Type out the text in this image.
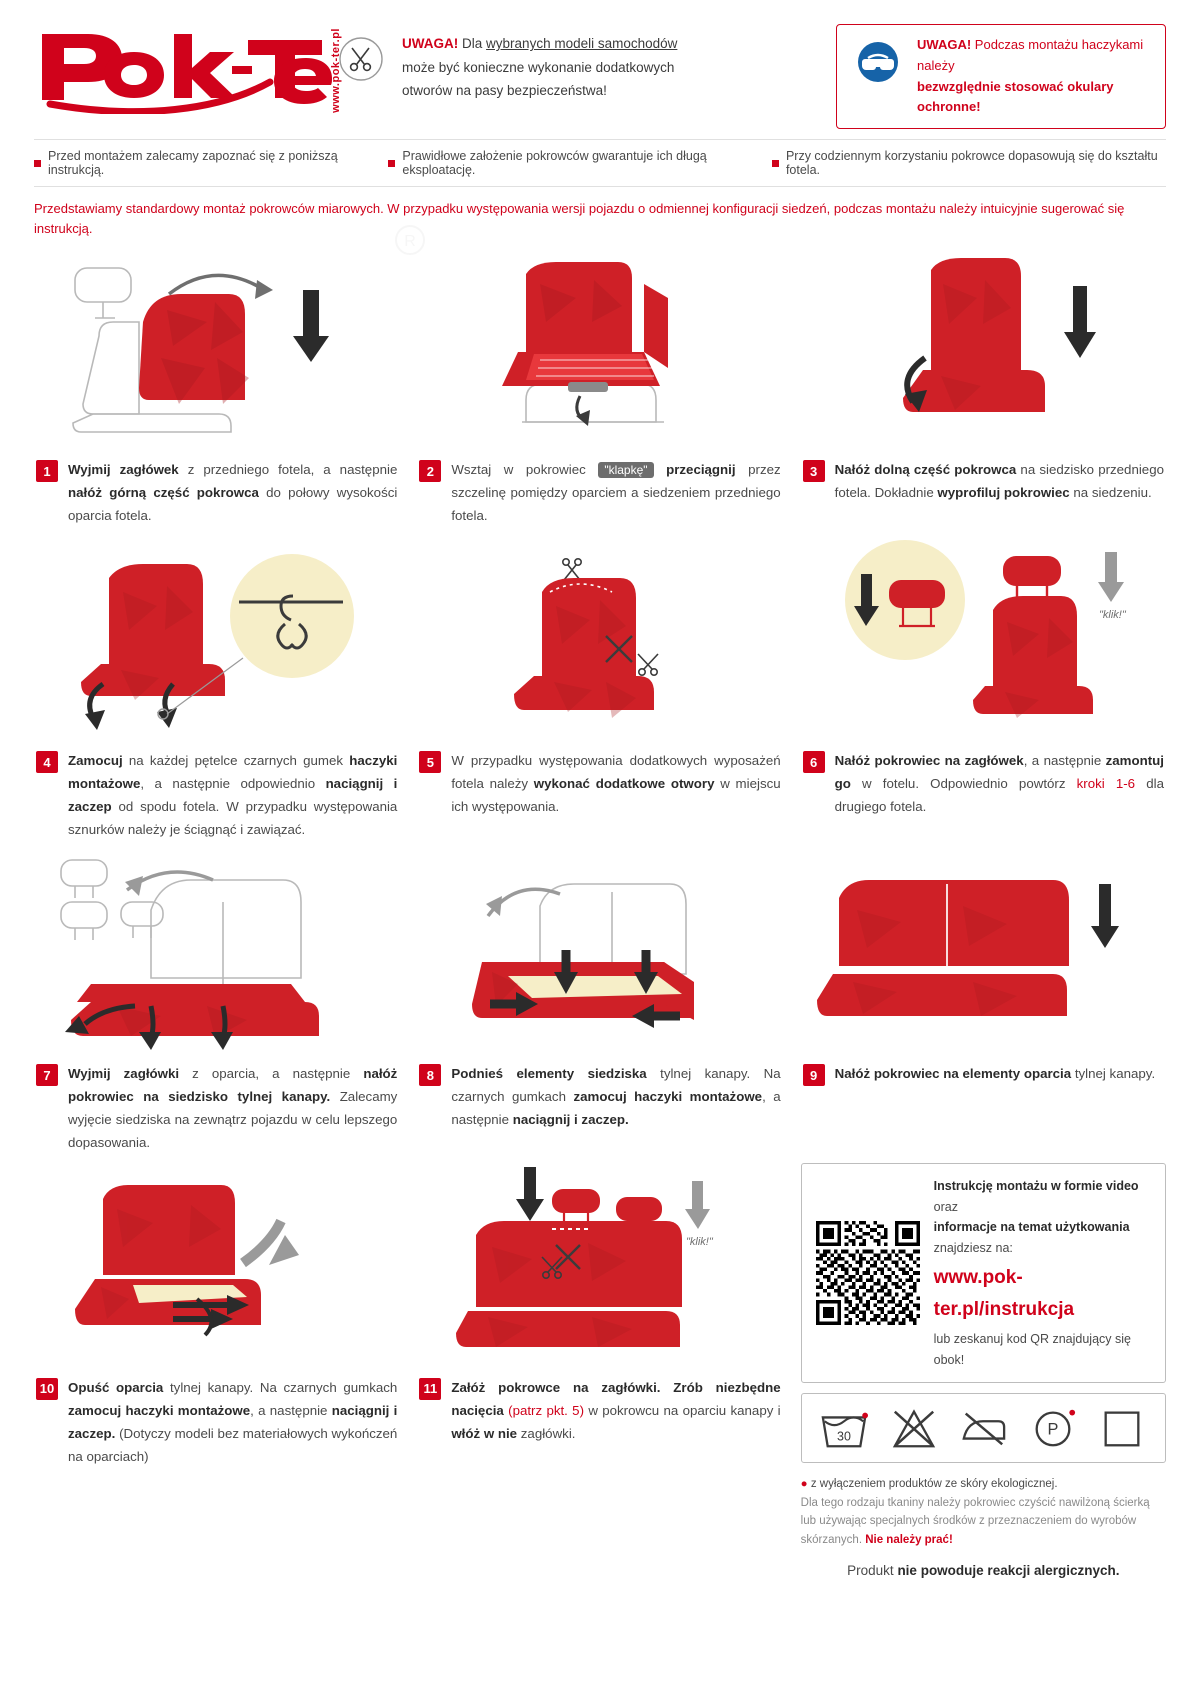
www.pok-ter.pl	UWAGA! Dla wybranych modeli samochodów
może być konieczne wykonanie dodatkowych
otworów na pasy bezpieczeństwa!
UWAGA! Podczas montażu haczykami należy
bezwzględnie stosować okulary ochronne!
Przed montażem zalecamy zapoznać się z poniższą instrukcją.
Prawidłowe założenie pokrowców gwarantuje ich długą eksploatację.
Przy codziennym korzystaniu pokrowce dopasowują się do kształtu fotela.
Przedstawiamy standardowy montaż pokrowców miarowych. W przypadku występowania wersji pojazdu o odmiennej konfiguracji siedzeń, podczas montażu należy intuicyjnie sugerować się instrukcją.
1	Wyjmij zagłówek z przedniego fotela, a następnie nałóż górną część pokrowca do połowy wysokości oparcia fotela.
2	Wsztaj w pokrowiec "klapkę" przeciągnij przez szczelinę pomiędzy oparciem a siedzeniem przedniego fotela.
3	Nałóż dolną część pokrowca na siedzisko przedniego fotela. Dokładnie wyprofiluj pokrowiec na siedzeniu.
4	Zamocuj na każdej pętelce czarnych gumek haczyki montażowe, a następnie odpowiednio naciągnij i zaczep od spodu fotela. W przypadku występowania sznurków należy je ściągnąć i zawiązać.
5	W przypadku występowania dodatkowych wyposażeń fotela należy wykonać dodatkowe otwory w miejscu ich występowania.
"klik!"
6	Nałóż pokrowiec na zagłówek, a następnie zamontuj go w fotelu. Odpowiednio powtórz kroki 1-6 dla drugiego fotela.
7	Wyjmij zagłówki z oparcia, a następnie nałóż pokrowiec na siedzisko tylnej kanapy. Zalecamy wyjęcie siedziska na zewnątrz pojazdu w celu lepszego dopasowania.
8	Podnieś elementy siedziska tylnej kanapy. Na czarnych gumkach zamocuj haczyki montażowe, a następnie naciągnij i zaczep.
9	Nałóż pokrowiec na elementy oparcia tylnej kanapy.
10 Opuść oparcia tylnej kanapy. Na czarnych gumkach zamocuj haczyki montażowe, a następnie naciągnij i zaczep. (Dotyczy modeli bez materiałowych wykończeń na oparciach)
"klik!"
11	Załóż pokrowce na zagłówki. Zrób niezbędne nacięcia (patrz pkt. 5) w pokrowcu na oparciu kanapy i włóż w nie zagłówki.
Instrukcję montażu w formie video oraz
informacje na temat użytkowania znajdziesz na:
www.pok-ter.pl/instrukcja
lub zeskanuj kod QR znajdujący się obok!
30	P
● z wyłączeniem produktów ze skóry ekologicznej.
Dla tego rodzaju tkaniny należy pokrowiec czyścić nawilżoną ścierką lub używając specjalnych środków z przeznaczeniem do wyrobów skórzanych. Nie należy prać!
Produkt nie powoduje reakcji alergicznych.
R
